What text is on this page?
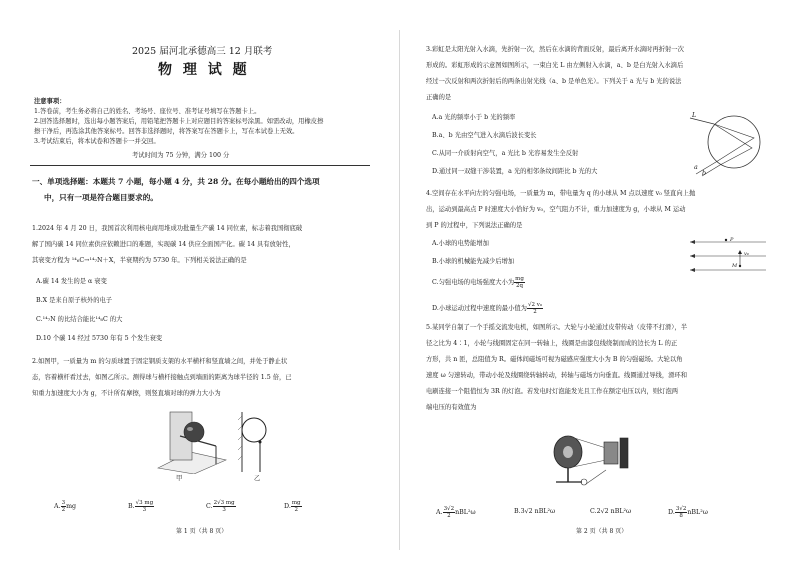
2025 届河北承德高三 12 月联考
物 理 试 题
注意事项：
1.答卷前，考生务必将自己的姓名、考场号、座位号、准考证号填写在答题卡上。
2.回答选择题时，选出每小题答案后，用铅笔把答题卡上对应题目的答案标号涂黑。如需改动，用橡皮擦
擦干净后，再选涂其他答案标号。回答非选择题时，将答案写在答题卡上，写在本试卷上无效。
3.考试结束后，将本试卷和答题卡一并交回。
考试时间为 75 分钟，满分 100 分
一、单项选择题：本题共 7 小题，每小题 4 分，共 28 分。在每小题给出的四个选项
中，只有一项是符合题目要求的。
1.2024 年 4 月 20 日，我国首次利用核电商用堆成功批量生产碳 14 同位素，标志着我国彻底破
解了国内碳 14 同位素供应依赖进口的难题，实现碳 14 供应全面国产化。碳 14 具有放射性，
其衰变方程为 ¹⁴₆C→¹⁴₇N＋X，半衰期约为 5730 年。下列相关说法正确的是
A.碳 14 发生的是 α 衰变
B.X 是来自原子核外的电子
C.¹⁴₇N 的比结合能比¹⁴₆C 的大
D.10 个碳 14 经过 5730 年有 5 个发生衰变
2.如图甲，一质量为 m 的匀质球置于固定钢质支架的水平横杆和竖直墙之间，并处于静止状
态，容着横杆看过去，如图乙所示。测得球与横杆接触点到墙面的距离为球半径的 1.5 倍，已
知重力加速度大小为 g，不计所有摩擦，则竖直墙对球的弹力大小为
甲	乙
A. $\frac{3}{2}$ mg	B. $\frac{√3 mg}{3}$	C. $\frac{2√3 mg}{3}$	D. $\frac{mg}{2}$
第 1 页（共 8 页）
3.彩虹是太阳光射入水滴，先折射一次，然后在水滴的背面反射，最后离开水滴时再折射一次
形成的。彩虹形成的示意图如图所示，一束白光 L 由左侧射入水滴，a、b 是白光射入水滴后
经过一次反射和两次折射后的两条出射光线（a、b 是单色光）。下列关于 a 光与 b 光的说法
正确的是
A.a 光的频率小于 b 光的频率
B.a、b 光由空气进入水滴后波长变长
C.从同一介质射向空气，a 光比 b 光容易发生全反射
D.通过同一双缝干涉装置，a 光的相邻条纹间距比 b 光的大
L
a
b
4.空间存在水平向左的匀强电场，一质量为 m，带电量为 q 的小球从 M 点以速度 v₀ 竖直向上抛
出，运动到最高点 P 时速度大小恰好为 v₀，空气阻力不计，重力加速度为 g，小球从 M 运动
到 P 的过程中，下列说法正确的是
A.小球的电势能增加
B.小球的机械能先减少后增加
C.匀强电场的电场强度大小为 $\frac{mg}{2q}$
D.小球运动过程中速度的最小值为 $\frac{\text{√2 v₀}}{2}$
P
M
v₀
5.某同学自制了一个手摇交流发电机，如图所示。大轮与小轮通过皮带传动（皮带不打滑），半
径之比为 4∶1，小轮与线圈固定在同一转轴上，线圈是由漆包线绕制而成的边长为 L 的正
方形，共 n 匝，总阻值为 R。磁体间磁场可视为磁感应强度大小为 B 的匀强磁场。大轮以角
速度 ω 匀速转动，带动小轮及线圈绕转轴转动，转轴与磁场方向垂直。线圈通过导线，滑环和
电刷连接一个阻值恒为 3R 的灯泡。若发电时灯泡能发光且工作在额定电压以内，则灯泡两
端电压的有效值为
A. $\frac{3√2}{2} nBL^2\omega$	B.3√2 nBL²ω	C.2√2 nBL²ω	D. $\frac{3√2}{8} nBL^2\omega$
第 2 页（共 8 页）
